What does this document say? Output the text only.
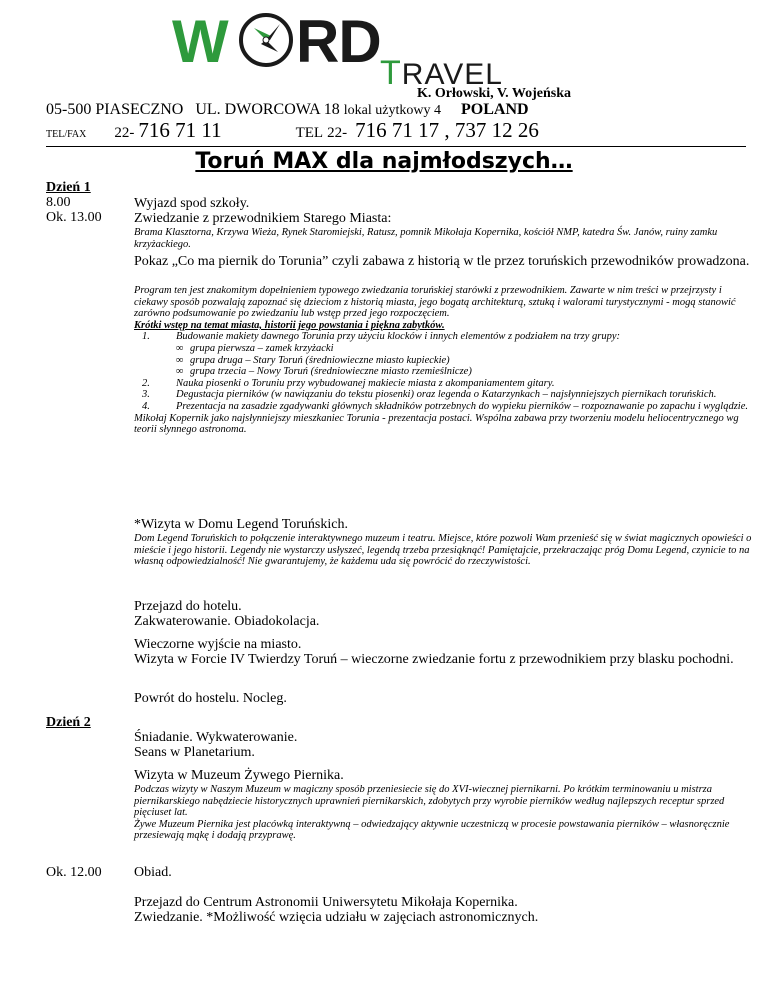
W RD TRAVEL
K. Orłowski, V. Wojeńska
05-500 PIASECZNO UL. DWORCOWA 18 lokal użytkowy 4 POLAND
TEL/FAX 22- 716 71 11	TEL 22- 716 71 17 , 737 12 26
Toruń MAX dla najmłodszych…
Dzień 1
8.00
Ok. 13.00
Wyjazd spod szkoły.
Zwiedzanie z przewodnikiem Starego Miasta:
Brama Klasztorna, Krzywa Wieża, Rynek Staromiejski, Ratusz, pomnik Mikołaja Kopernika, kościół NMP, katedra Św. Janów, ruiny zamku krzyżackiego.
Pokaz „Co ma piernik do Torunia” czyli zabawa z historią w tle przez toruńskich przewodników prowadzona.

Program ten jest znakomitym dopełnieniem typowego zwiedzania toruńskiej starówki z przewodnikiem. Zawarte w nim treści w przejrzysty i ciekawy sposób pozwalają zapoznać się dzieciom z historią miasta, jego bogatą architekturą, sztuką i walorami turystycznymi - mogą stanowić zarówno podsumowanie po zwiedzaniu lub wstęp przed jego rozpoczęciem.

Krótki wstęp na temat miasta, historii jego powstania i piękna zabytków.

1. Budowanie makiety dawnego Torunia przy użyciu klocków i innych elementów z podziałem na trzy grupy:
∞ grupa pierwsza – zamek krzyżacki
∞ grupa druga – Stary Toruń (średniowieczne miasto kupieckie)
∞ grupa trzecia – Nowy Toruń (średniowieczne miasto rzemieślnicze)
2. Nauka piosenki o Toruniu przy wybudowanej makiecie miasta z akompaniamentem gitary.
3. Degustacja pierników (w nawiązaniu do tekstu piosenki) oraz legenda o Katarzynkach – najsłynniejszych piernikach toruńskich.
4. Prezentacja na zasadzie zgadywanki głównych składników potrzebnych do wypieku pierników – rozpoznawanie po zapachu i wyglądzie.

Mikołaj Kopernik jako najsłynniejszy mieszkaniec Torunia - prezentacja postaci. Wspólna zabawa przy tworzeniu modelu heliocentrycznego wg teorii słynnego astronoma.

*Wizyta w Domu Legend Toruńskich.
Dom Legend Toruńskich to połączenie interaktywnego muzeum i teatru. Miejsce, które pozwoli Wam przenieść się w świat magicznych opowieści o mieście i jego historii. Legendy nie wystarczy usłyszeć, legendą trzeba przesiąknąć! Pamiętajcie, przekraczając próg Domu Legend, czynicie to na własną odpowiedzialność! Nie gwarantujemy, że każdemu uda się powrócić do rzeczywistości.
Przejazd do hotelu.
Zakwaterowanie. Obiadokolacja.
Wieczorne wyjście na miasto.
Wizyta w Forcie IV Twierdzy Toruń – wieczorne zwiedzanie fortu z przewodnikiem przy blasku pochodni.
Powrót do hostelu. Nocleg.
Dzień 2
Śniadanie. Wykwaterowanie.
Seans w Planetarium.
Wizyta w Muzeum Żywego Piernika.

Podczas wizyty w Naszym Muzeum w magiczny sposób przeniesiecie się do XVI-wiecznej piernikarni. Po krótkim terminowaniu u mistrza piernikarskiego nabędziecie historycznych uprawnień piernikarskich, zdobytych przy wyrobie pierników według najlepszych receptur sprzed pięciuset lat.

Żywe Muzeum Piernika jest placówką interaktywną – odwiedzający aktywnie uczestniczą w procesie powstawania pierników – własnoręcznie przesiewają mąkę i dodają przyprawę.

Ok. 12.00 Obiad.
Przejazd do Centrum Astronomii Uniwersytetu Mikołaja Kopernika.
Zwiedzanie. *Możliwość wzięcia udziału w zajęciach astronomicznych.
